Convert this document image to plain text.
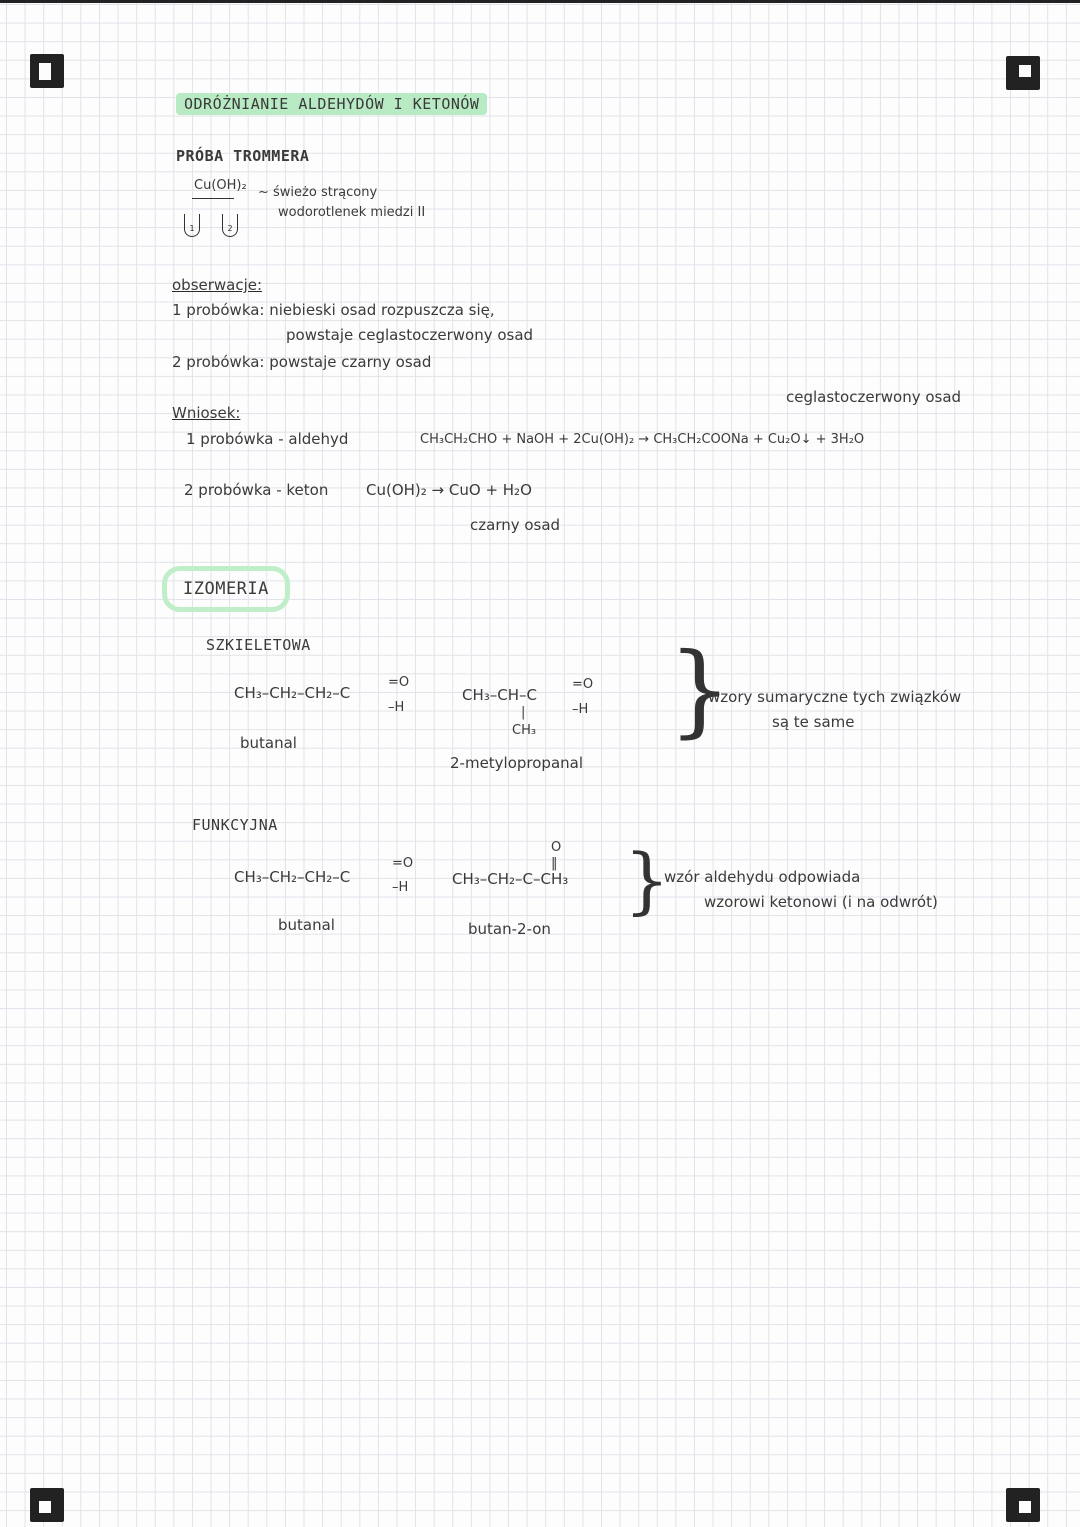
ODRÓŻNIANIE ALDEHYDÓW I KETONÓW
PRÓBA TROMMERA
Cu(OH)₂ ~ świeżo strącony
wodorotlenek miedzi II
1	2
obserwacje:
1 probówka: niebieski osad rozpuszcza się,
powstaje ceglastoczerwony osad
2 probówka: powstaje czarny osad
Wniosek:
ceglastoczerwony osad
1 probówka - aldehyd	CH₃CH₂CHO + NaOH + 2Cu(OH)₂ → CH₃CH₂COONa + Cu₂O↓ + 3H₂O
2 probówka - keton	Cu(OH)₂ → CuO + H₂O
czarny osad
IZOMERIA
SZKIELETOWA
CH₃–CH₂–CH₂–C
=O
–H
butanal
CH₃–CH–C
=O
–H
|
CH₃
2-metylopropanal
}
wzory sumaryczne tych związków
są te same
FUNKCYJNA
CH₃–CH₂–CH₂–C
=O
–H
butanal
O
‖
CH₃–CH₂–C–CH₃
butan-2-on
}
wzór aldehydu odpowiada
wzorowi ketonowi (i na odwrót)
